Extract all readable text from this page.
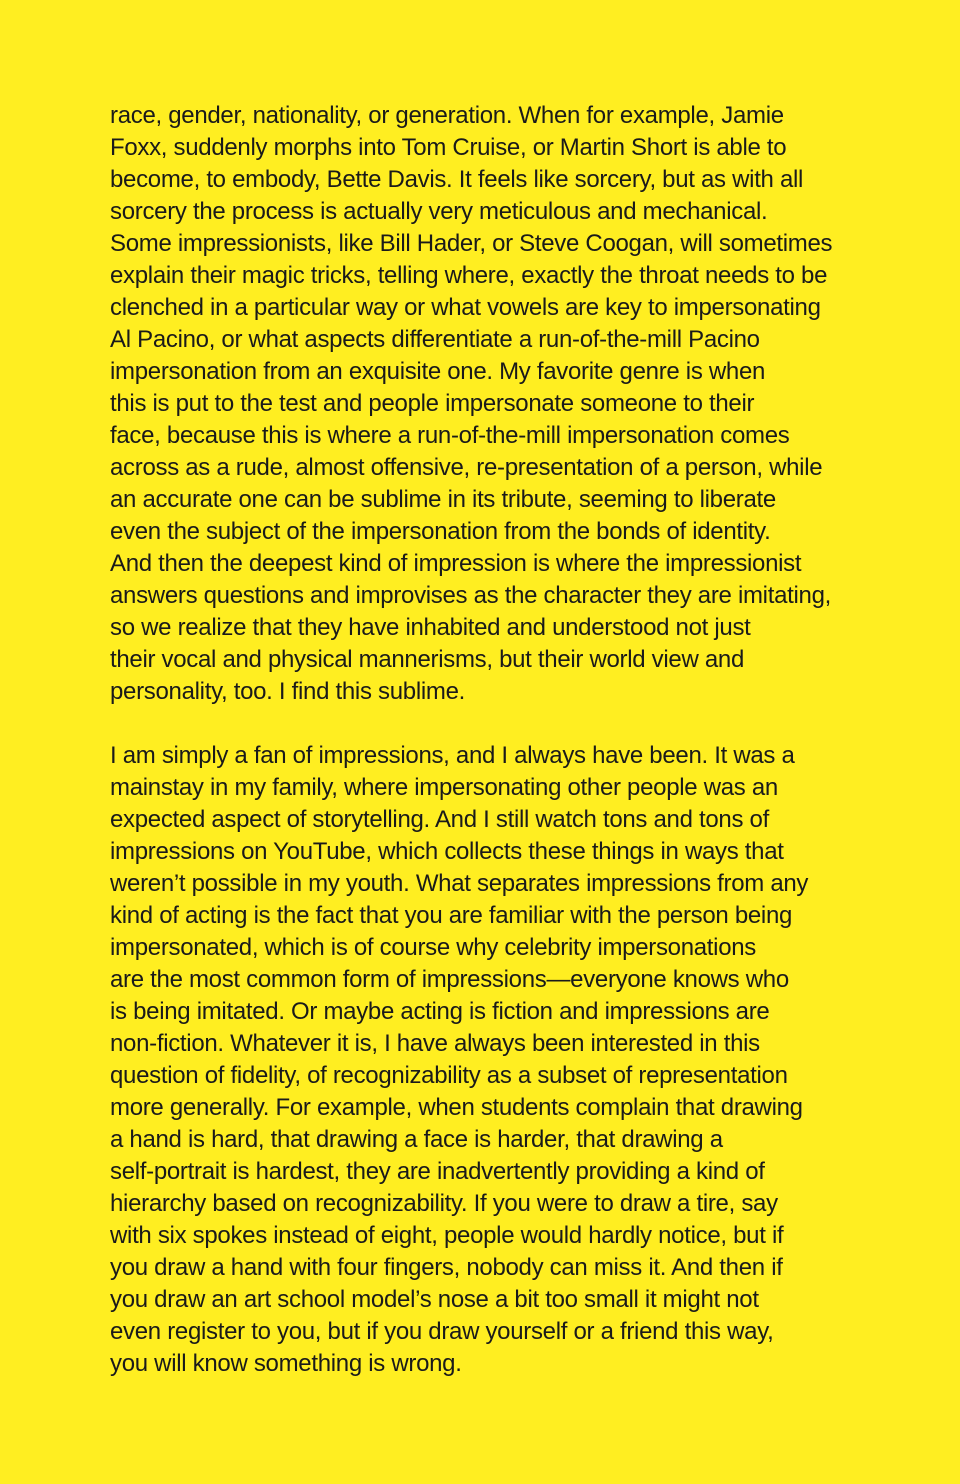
race, gender, nationality, or generation. When for example, Jamie
Foxx, suddenly morphs into Tom Cruise, or Martin Short is able to
become, to embody, Bette Davis. It feels like sorcery, but as with all
sorcery the process is actually very meticulous and mechanical.
Some impressionists, like Bill Hader, or Steve Coogan, will sometimes
explain their magic tricks, telling where, exactly the throat needs to be
clenched in a particular way or what vowels are key to impersonating
Al Pacino, or what aspects differentiate a run-of-the-mill Pacino
impersonation from an exquisite one. My favorite genre is when
this is put to the test and people impersonate someone to their
face, because this is where a run-of-the-mill impersonation comes
across as a rude, almost offensive, re-presentation of a person, while
an accurate one can be sublime in its tribute, seeming to liberate
even the subject of the impersonation from the bonds of identity.
And then the deepest kind of impression is where the impressionist
answers questions and improvises as the character they are imitating,
so we realize that they have inhabited and understood not just
their vocal and physical mannerisms, but their world view and
personality, too. I find this sublime.

I am simply a fan of impressions, and I always have been. It was a
mainstay in my family, where impersonating other people was an
expected aspect of storytelling. And I still watch tons and tons of
impressions on YouTube, which collects these things in ways that
weren’t possible in my youth. What separates impressions from any
kind of acting is the fact that you are familiar with the person being
impersonated, which is of course why celebrity impersonations
are the most common form of impressions—everyone knows who
is being imitated. Or maybe acting is fiction and impressions are
non-fiction. Whatever it is, I have always been interested in this
question of fidelity, of recognizability as a subset of representation
more generally. For example, when students complain that drawing
a hand is hard, that drawing a face is harder, that drawing a
self-portrait is hardest, they are inadvertently providing a kind of
hierarchy based on recognizability. If you were to draw a tire, say
with six spokes instead of eight, people would hardly notice, but if
you draw a hand with four fingers, nobody can miss it. And then if
you draw an art school model’s nose a bit too small it might not
even register to you, but if you draw yourself or a friend this way,
you will know something is wrong.
